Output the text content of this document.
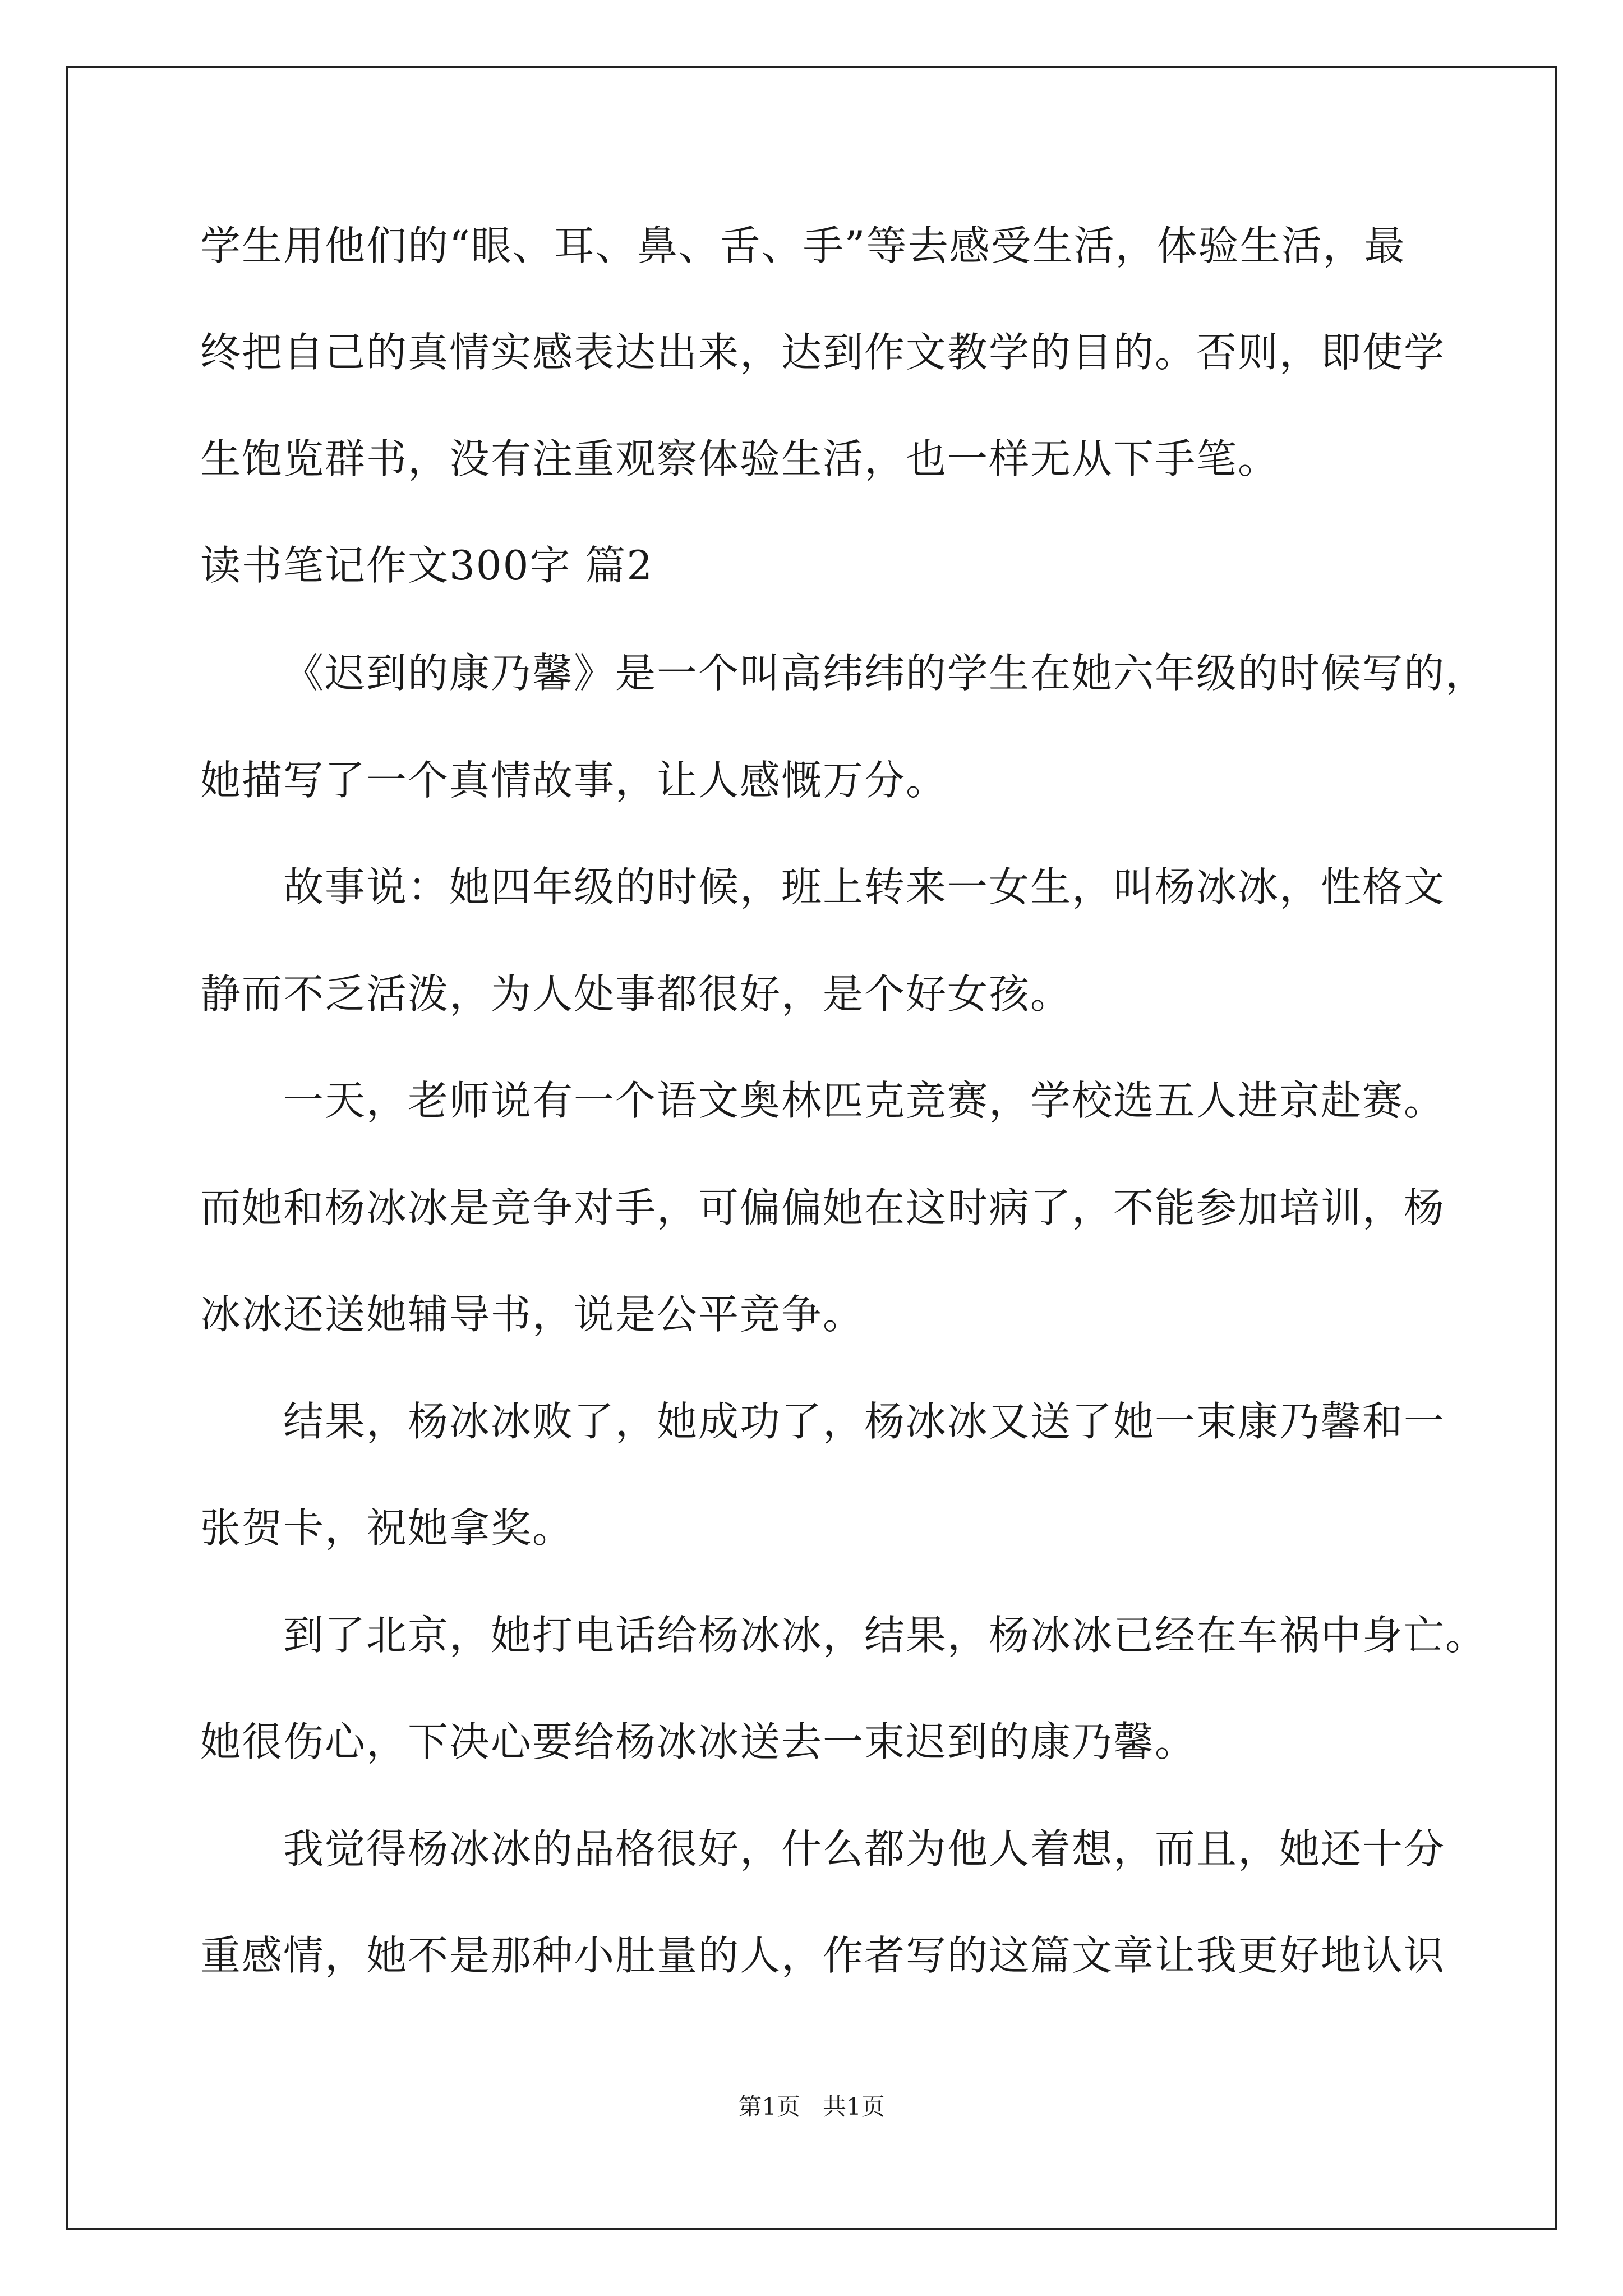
学生用他们的“眼、耳、鼻、舌、手”等去感受生活，体验生活，最
终把自己的真情实感表达出来，达到作文教学的目的。否则，即使学
生饱览群书，没有注重观察体验生活，也一样无从下手笔。
读书笔记作文300字 篇2
《迟到的康乃馨》是一个叫高纬纬的学生在她六年级的时候写的，
她描写了一个真情故事，让人感慨万分。
故事说：她四年级的时候，班上转来一女生，叫杨冰冰，性格文
静而不乏活泼，为人处事都很好，是个好女孩。
一天，老师说有一个语文奥林匹克竞赛，学校选五人进京赴赛。
而她和杨冰冰是竞争对手，可偏偏她在这时病了，不能参加培训，杨
冰冰还送她辅导书，说是公平竞争。
结果，杨冰冰败了，她成功了，杨冰冰又送了她一束康乃馨和一
张贺卡，祝她拿奖。
到了北京，她打电话给杨冰冰，结果，杨冰冰已经在车祸中身亡。
她很伤心，下决心要给杨冰冰送去一束迟到的康乃馨。
我觉得杨冰冰的品格很好，什么都为他人着想，而且，她还十分
重感情，她不是那种小肚量的人，作者写的这篇文章让我更好地认识
第1页   共1页
